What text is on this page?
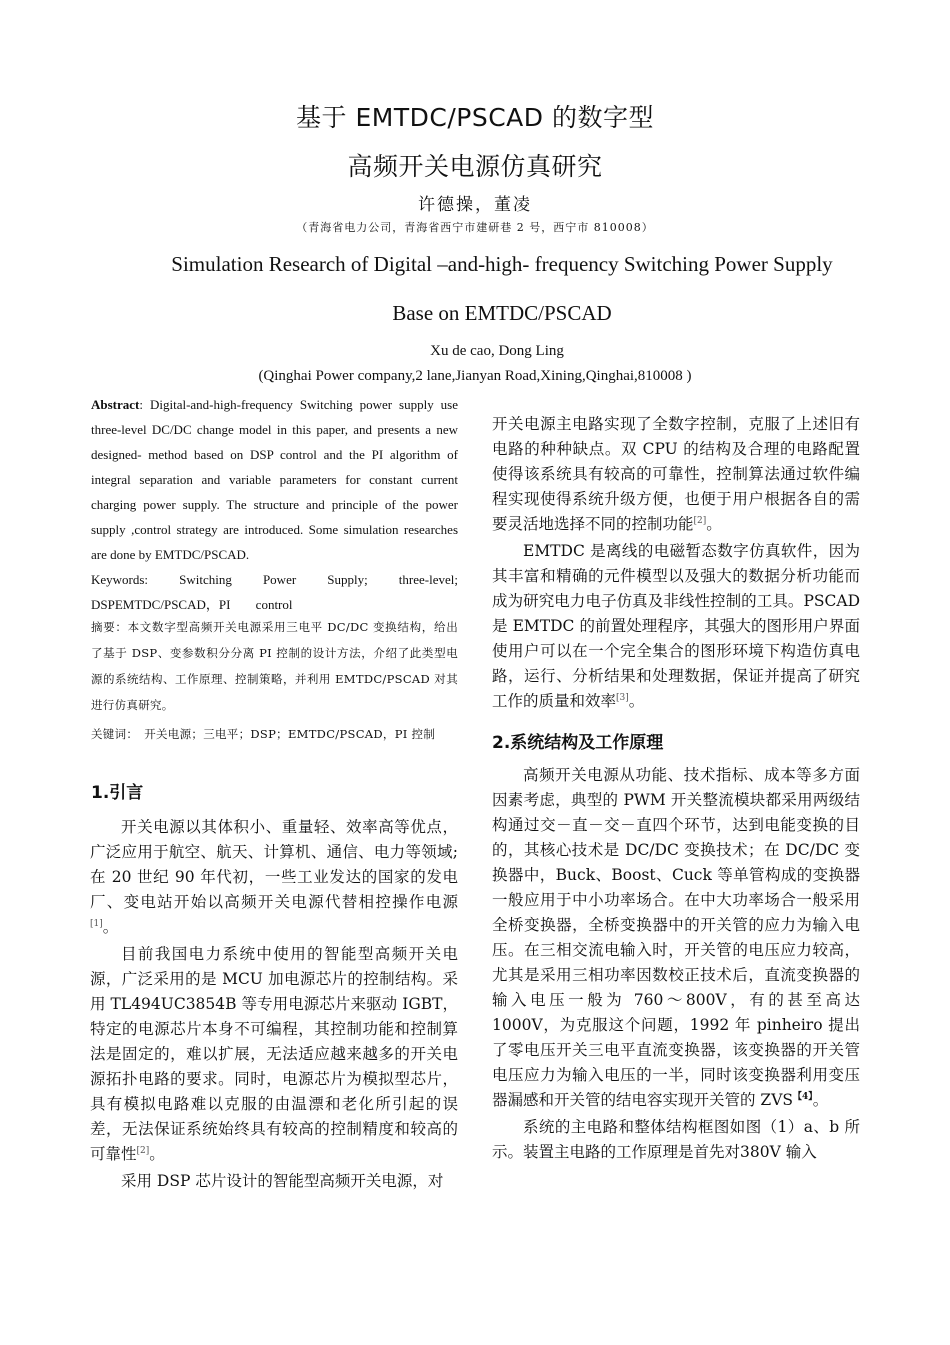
基于 EMTDC/PSCAD 的数字型
高频开关电源仿真研究
许德操，董凌
（青海省电力公司，青海省西宁市建研巷 2 号，西宁市 810008）
Simulation Research of Digital –and-high- frequency Switching Power Supply
Base on EMTDC/PSCAD
Xu de cao, Dong Ling
(Qinghai Power company,2 lane,Jianyan Road,Xining,Qinghai,810008 )
Abstract: Digital-and-high-frequency Switching power supply use three-level DC/DC change model in this paper, and presents a new designed- method based on DSP control and the PI algorithm of integral separation and variable parameters for constant current charging power supply. The structure and principle of the power supply ,control strategy are introduced. Some simulation researches are done by EMTDC/PSCAD.
Keywords: Switching Power Supply; three-level; DSPEMTDC/PSCAD，PI control
摘要：本文数字型高频开关电源采用三电平 DC/DC 变换结构，给出了基于 DSP、变参数积分分离 PI 控制的设计方法，介绍了此类型电源的系统结构、工作原理、控制策略，并利用 EMTDC/PSCAD 对其进行仿真研究。
关键词： 开关电源；三电平；DSP；EMTDC/PSCAD，PI 控制
1.引言

开关电源以其体积小、重量轻、效率高等优点，广泛应用于航空、航天、计算机、通信、电力等领域;在 20 世纪 90 年代初，一些工业发达的国家的发电厂、变电站开始以高频开关电源代替相控操作电源[1]。

目前我国电力系统中使用的智能型高频开关电源，广泛采用的是 MCU 加电源芯片的控制结构。采用 TL494UC3854B 等专用电源芯片来驱动 IGBT，特定的电源芯片本身不可编程，其控制功能和控制算法是固定的，难以扩展，无法适应越来越多的开关电源拓扑电路的要求。同时，电源芯片为模拟型芯片，具有模拟电路难以克服的由温漂和老化所引起的误差，无法保证系统始终具有较高的控制精度和较高的可靠性[2]。

采用 DSP 芯片设计的智能型高频开关电源，对

开关电源主电路实现了全数字控制，克服了上述旧有电路的种种缺点。双 CPU 的结构及合理的电路配置使得该系统具有较高的可靠性，控制算法通过软件编程实现使得系统升级方便，也便于用户根据各自的需要灵活地选择不同的控制功能[2]。

EMTDC 是离线的电磁暂态数字仿真软件，因为其丰富和精确的元件模型以及强大的数据分析功能而成为研究电力电子仿真及非线性控制的工具。PSCAD 是 EMTDC 的前置处理程序，其强大的图形用户界面使用户可以在一个完全集合的图形环境下构造仿真电路，运行、分析结果和处理数据，保证并提高了研究工作的质量和效率[3]。

2.系统结构及工作原理

高频开关电源从功能、技术指标、成本等多方面因素考虑，典型的 PWM 开关整流模块都采用两级结构通过交－直－交－直四个环节，达到电能变换的目的，其核心技术是 DC/DC 变换技术；在 DC/DC 变换器中，Buck、Boost、Cuck 等单管构成的变换器一般应用于中小功率场合。在中大功率场合一般采用全桥变换器，全桥变换器中的开关管的应力为输入电压。在三相交流电输入时，开关管的电压应力较高，尤其是采用三相功率因数校正技术后，直流变换器的输入电压一般为 760～800V，有的甚至高达 1000V，为克服这个问题，1992 年 pinheiro 提出了零电压开关三电平直流变换器，该变换器的开关管电压应力为输入电压的一半，同时该变换器利用变压器漏感和开关管的结电容实现开关管的 $ZVS^{【4】}$。

系统的主电路和整体结构框图如图（1）a、b 所示。装置主电路的工作原理是首先对380V 输入
